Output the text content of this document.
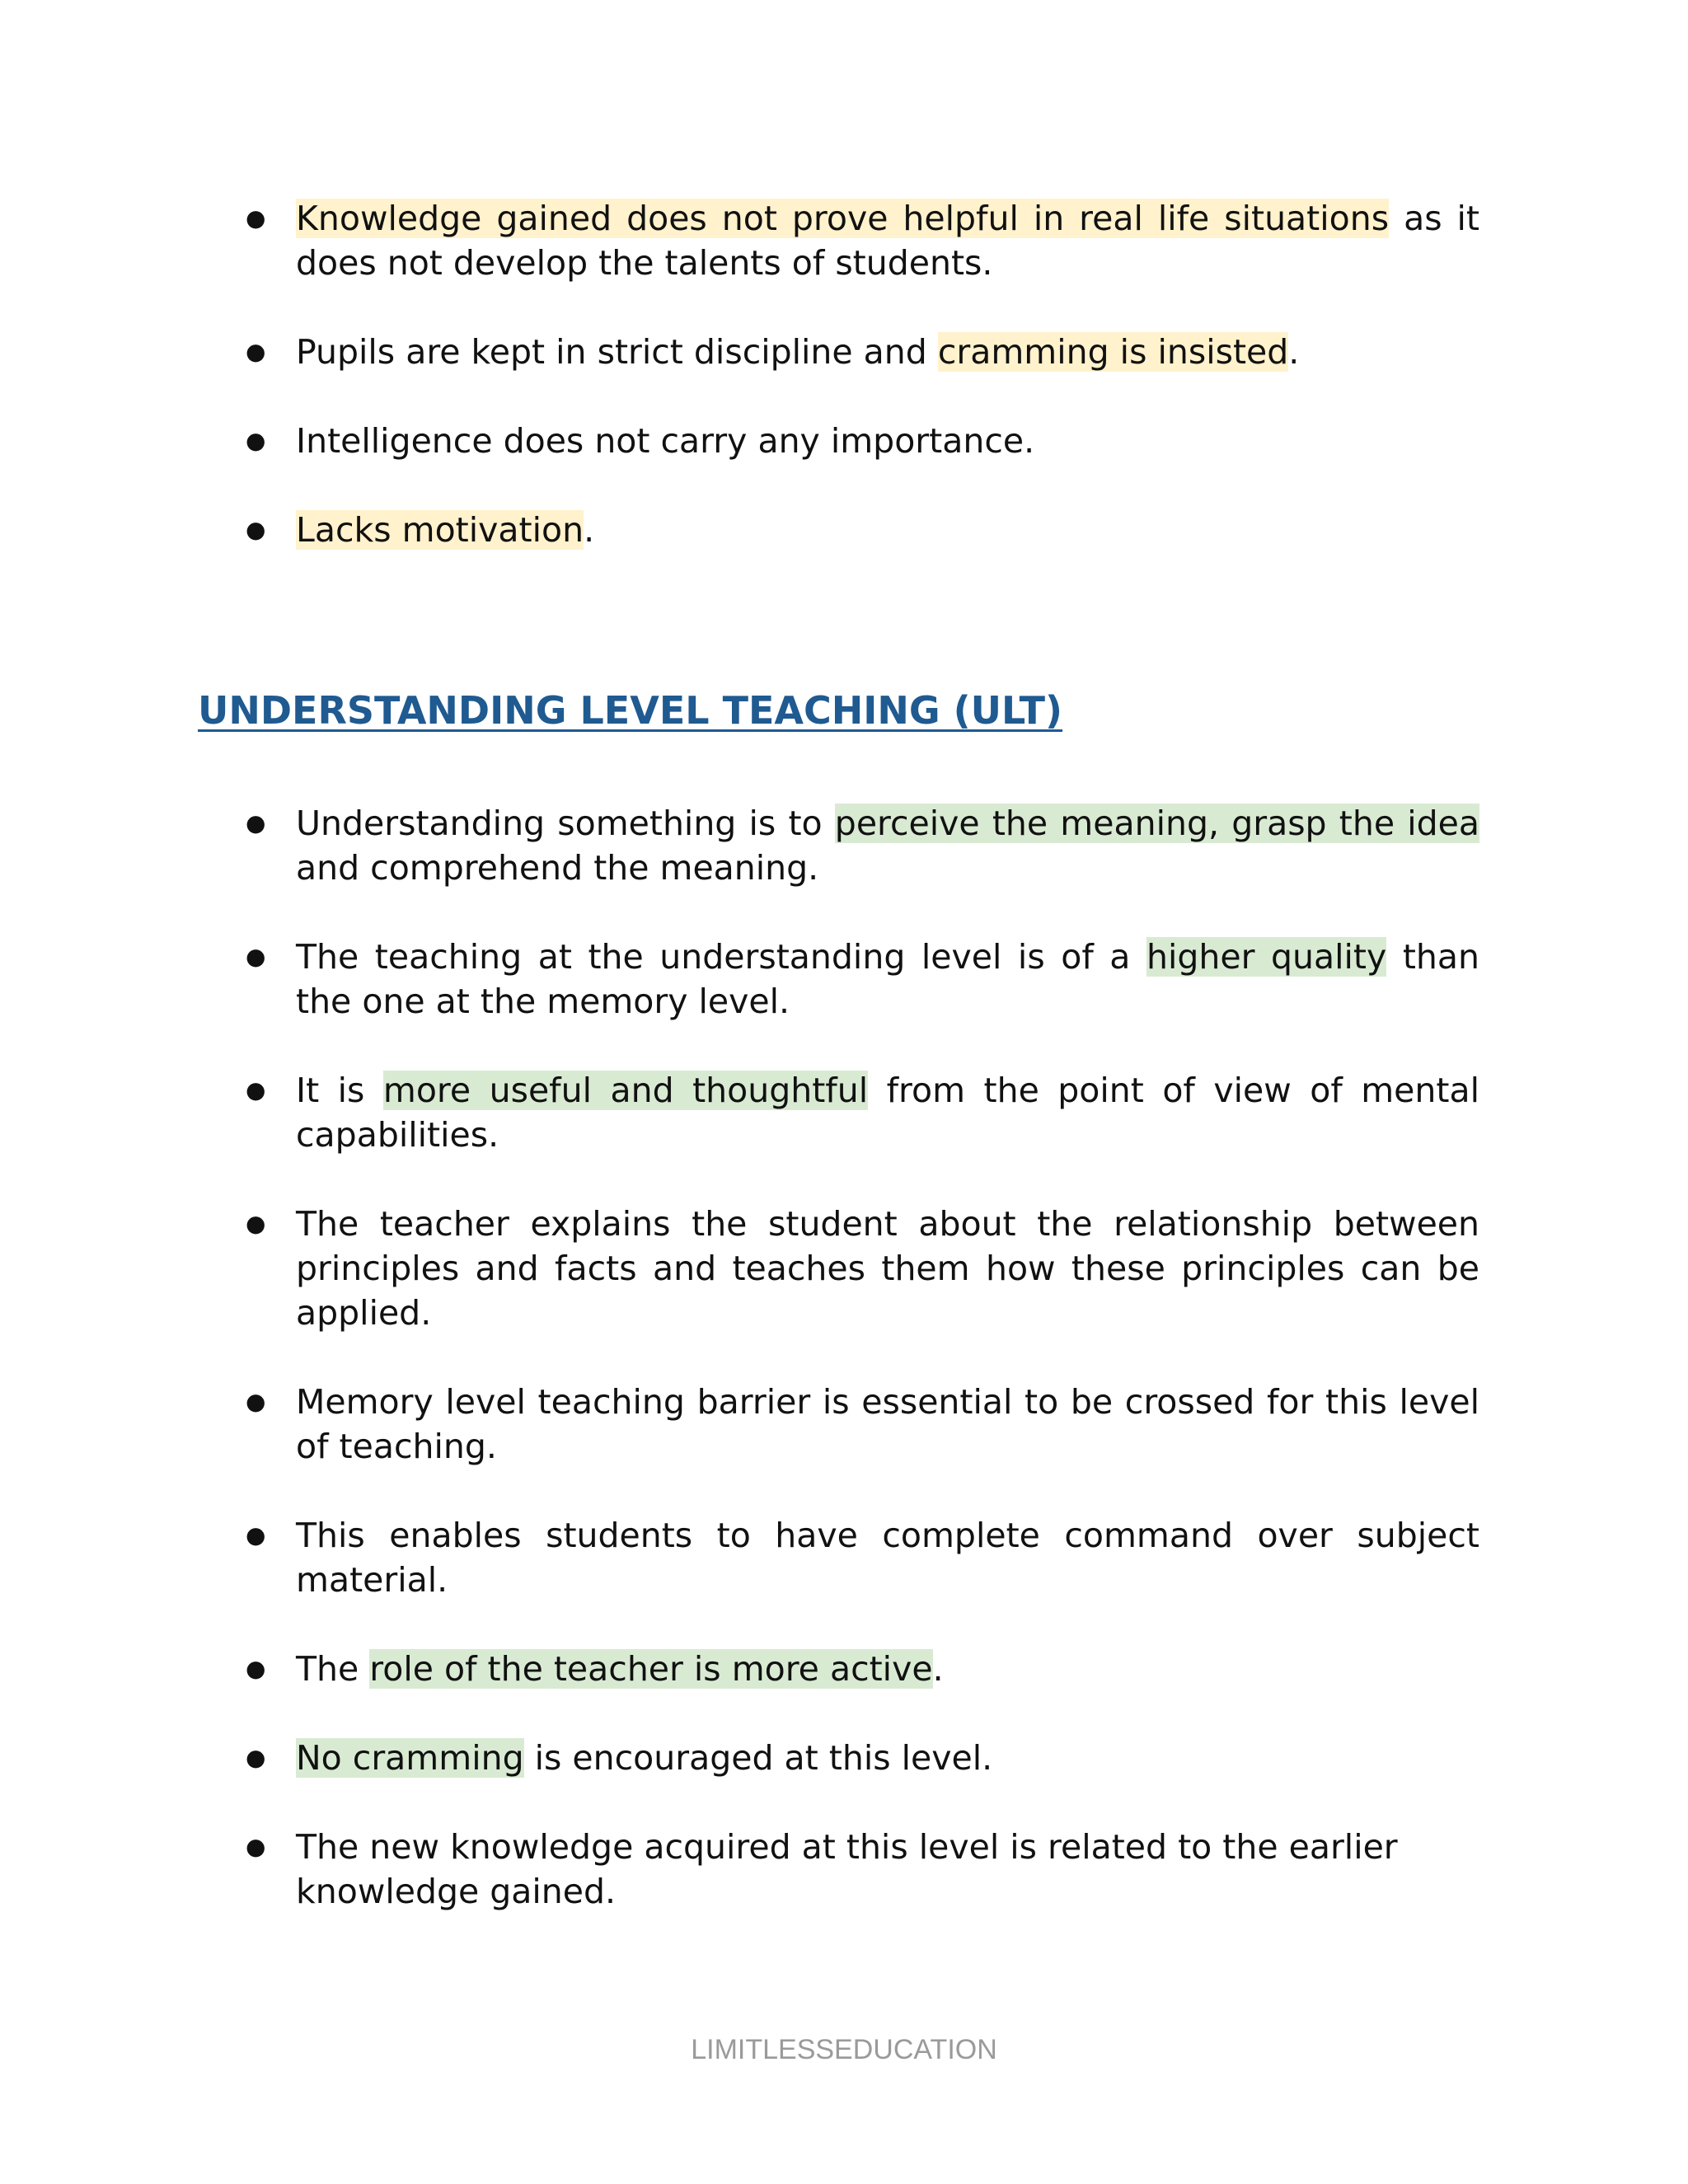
● Knowledge gained does not prove helpful in real life situations as it does not develop the talents of students.
● Pupils are kept in strict discipline and cramming is insisted.
● Intelligence does not carry any importance.
● Lacks motivation.
UNDERSTANDING LEVEL TEACHING (ULT)
● Understanding something is to perceive the meaning, grasp the idea and comprehend the meaning.
● The teaching at the understanding level is of a higher quality than the one at the memory level.
● It is more useful and thoughtful from the point of view of mental capabilities.
● The teacher explains the student about the relationship between principles and facts and teaches them how these principles can be applied.
● Memory level teaching barrier is essential to be crossed for this level of teaching.
● This enables students to have complete command over subject material.
● The role of the teacher is more active.
● No cramming is encouraged at this level.
● The new knowledge acquired at this level is related to the earlier knowledge gained.
LIMITLESSEDUCATION
